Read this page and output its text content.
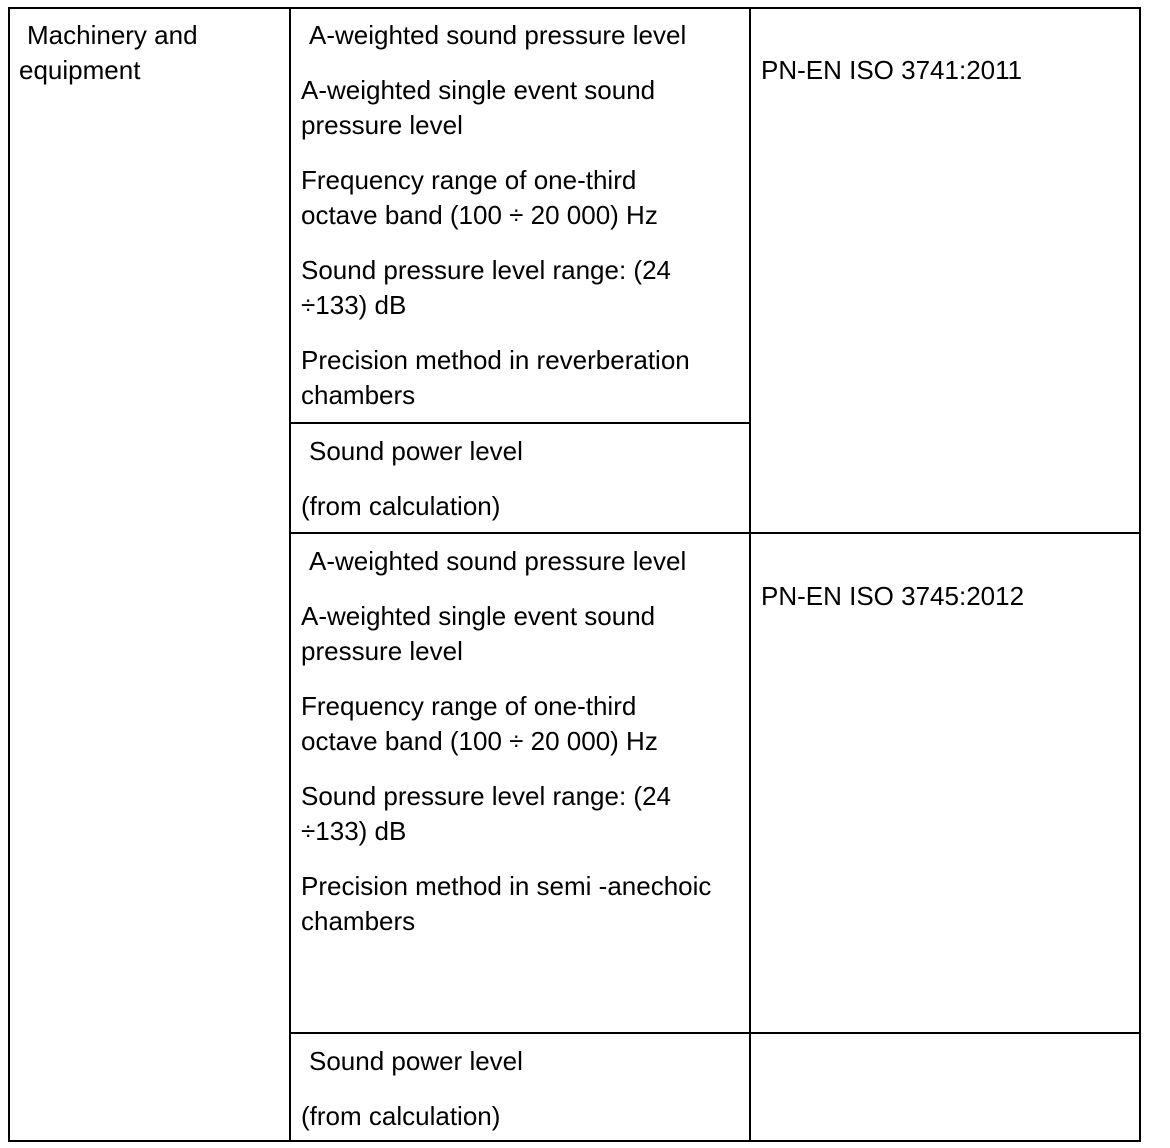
Machinery and

equipment

A-weighted sound pressure level

A-weighted single event sound

pressure level

Frequency range of one-third

octave band (100 ÷ 20 000) Hz

Sound pressure level range: (24

÷133) dB

Precision method in reverberation

chambers

Sound power level

(from calculation)

PN-EN ISO 3741:2011

A-weighted sound pressure level

A-weighted single event sound

pressure level

Frequency range of one-third

octave band (100 ÷ 20 000) Hz

Sound pressure level range: (24

÷133) dB

Precision method in semi -anechoic

chambers

Sound power level

(from calculation)

PN-EN ISO 3745:2012
